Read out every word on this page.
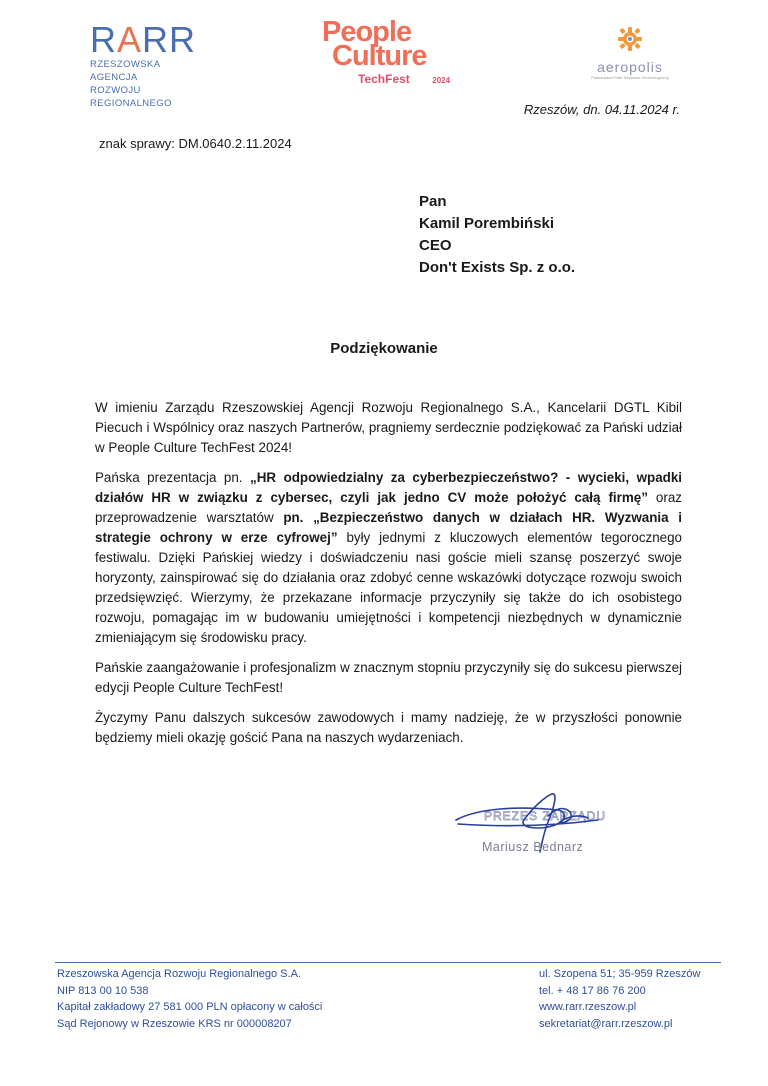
RARR
RZESZOWSKA AGENCJA
ROZWOJU REGIONALNEGO
People
Culture
TechFest	2024
aeropolis
Podkarpacki Park Naukowo-Technologiczny
Rzeszów, dn. 04.11.2024 r.
znak sprawy: DM.0640.2.11.2024
Pan
Kamil Porembiński
CEO
Don't Exists Sp. z o.o.
Podziękowanie

W imieniu Zarządu Rzeszowskiej Agencji Rozwoju Regionalnego S.A., Kancelarii DGTL Kibil Piecuch i Wspólnicy oraz naszych Partnerów, pragniemy serdecznie podziękować za Pański udział w People Culture TechFest 2024!

Pańska prezentacja pn. „HR odpowiedzialny za cyberbezpieczeństwo? - wycieki, wpadki działów HR w związku z cybersec, czyli jak jedno CV może położyć całą firmę” oraz przeprowadzenie warsztatów pn. „Bezpieczeństwo danych w działach HR. Wyzwania i strategie ochrony w erze cyfrowej” były jednymi z kluczowych elementów tegorocznego festiwalu. Dzięki Pańskiej wiedzy i doświadczeniu nasi goście mieli szansę poszerzyć swoje horyzonty, zainspirować się do działania oraz zdobyć cenne wskazówki dotyczące rozwoju swoich przedsięwzięć. Wierzymy, że przekazane informacje przyczyniły się także do ich osobistego rozwoju, pomagając im w budowaniu umiejętności i kompetencji niezbędnych w dynamicznie zmieniającym się środowisku pracy.

Pańskie zaangażowanie i profesjonalizm w znacznym stopniu przyczyniły się do sukcesu pierwszej edycji People Culture TechFest!

Życzymy Panu dalszych sukcesów zawodowych i mamy nadzieję, że w przyszłości ponownie będziemy mieli okazję gościć Pana na naszych wydarzeniach.

PREZES ZARZĄDU
Mariusz Bednarz
Rzeszowska Agencja Rozwoju Regionalnego S.A.
NIP 813 00 10 538
Kapitał zakładowy 27 581 000 PLN opłacony w całości
Sąd Rejonowy w Rzeszowie KRS nr 000008207
ul. Szopena 51; 35-959 Rzeszów
tel. + 48 17 86 76 200
www.rarr.rzeszow.pl
sekretariat@rarr.rzeszow.pl
